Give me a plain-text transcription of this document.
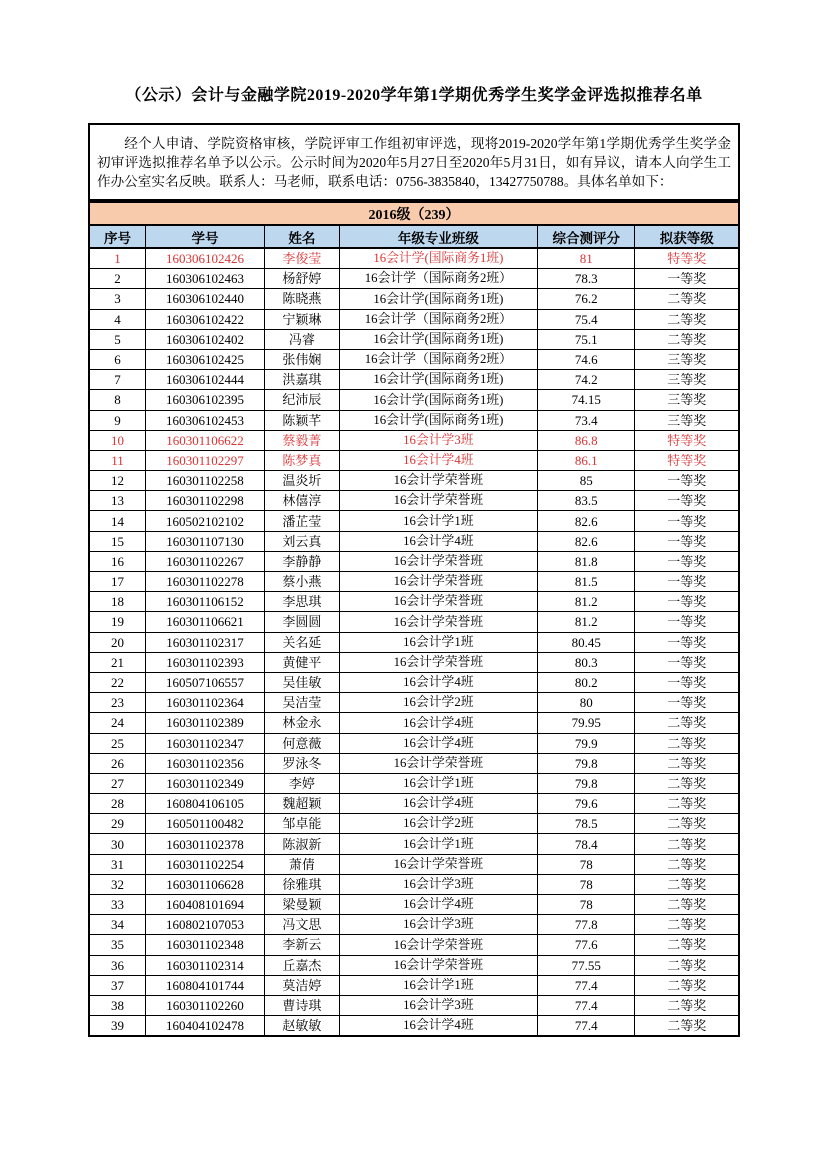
（公示）会计与金融学院2019-2020学年第1学期优秀学生奖学金评选拟推荐名单

经个人申请、学院资格审核，学院评审工作组初审评选，现将2019-2020学年第1学期优秀学生奖学金初审评选拟推荐名单予以公示。公示时间为2020年5月27日至2020年5月31日，如有异议，请本人向学生工作办公室实名反映。联系人：马老师，联系电话：0756-3835840，13427750788。具体名单如下：

2016级（239）					
序号	学号	姓名	年级专业班级	综合测评分	拟获等级
1	160306102426	李俊莹	16会计学(国际商务1班)	81	特等奖
2	160306102463	杨舒婷	16会计学（国际商务2班）	78.3	一等奖
3	160306102440	陈晓燕	16会计学(国际商务1班)	76.2	二等奖
4	160306102422	宁颖琳	16会计学（国际商务2班）	75.4	二等奖
5	160306102402	冯睿	16会计学(国际商务1班)	75.1	二等奖
6	160306102425	张伟娴	16会计学（国际商务2班）	74.6	三等奖
7	160306102444	洪嘉琪	16会计学(国际商务1班)	74.2	三等奖
8	160306102395	纪沛辰	16会计学(国际商务1班)	74.15	三等奖
9	160306102453	陈颖芊	16会计学(国际商务1班)	73.4	三等奖
10	160301106622	蔡毅菁	16会计学3班	86.8	特等奖
11	160301102297	陈梦真	16会计学4班	86.1	特等奖
12	160301102258	温炎圻	16会计学荣誉班	85	一等奖
13	160301102298	林僖淳	16会计学荣誉班	83.5	一等奖
14	160502102102	潘芷莹	16会计学1班	82.6	一等奖
15	160301107130	刘云真	16会计学4班	82.6	一等奖
16	160301102267	李静静	16会计学荣誉班	81.8	一等奖
17	160301102278	蔡小燕	16会计学荣誉班	81.5	一等奖
18	160301106152	李思琪	16会计学荣誉班	81.2	一等奖
19	160301106621	李圆圆	16会计学荣誉班	81.2	一等奖
20	160301102317	关名延	16会计学1班	80.45	一等奖
21	160301102393	黄健平	16会计学荣誉班	80.3	一等奖
22	160507106557	吴佳敏	16会计学4班	80.2	一等奖
23	160301102364	吴洁莹	16会计学2班	80	一等奖
24	160301102389	林金永	16会计学4班	79.95	二等奖
25	160301102347	何意薇	16会计学4班	79.9	二等奖
26	160301102356	罗泳冬	16会计学荣誉班	79.8	二等奖
27	160301102349	李婷	16会计学1班	79.8	二等奖
28	160804106105	魏超颖	16会计学4班	79.6	二等奖
29	160501100482	邹卓能	16会计学2班	78.5	二等奖
30	160301102378	陈淑新	16会计学1班	78.4	二等奖
31	160301102254	萧倩	16会计学荣誉班	78	二等奖
32	160301106628	徐雅琪	16会计学3班	78	二等奖
33	160408101694	梁曼颖	16会计学4班	78	二等奖
34	160802107053	冯文思	16会计学3班	77.8	二等奖
35	160301102348	李新云	16会计学荣誉班	77.6	二等奖
36	160301102314	丘嘉杰	16会计学荣誉班	77.55	二等奖
37	160804101744	莫洁婷	16会计学1班	77.4	二等奖
38	160301102260	曹诗琪	16会计学3班	77.4	二等奖
39	160404102478	赵敏敏	16会计学4班	77.4	二等奖
